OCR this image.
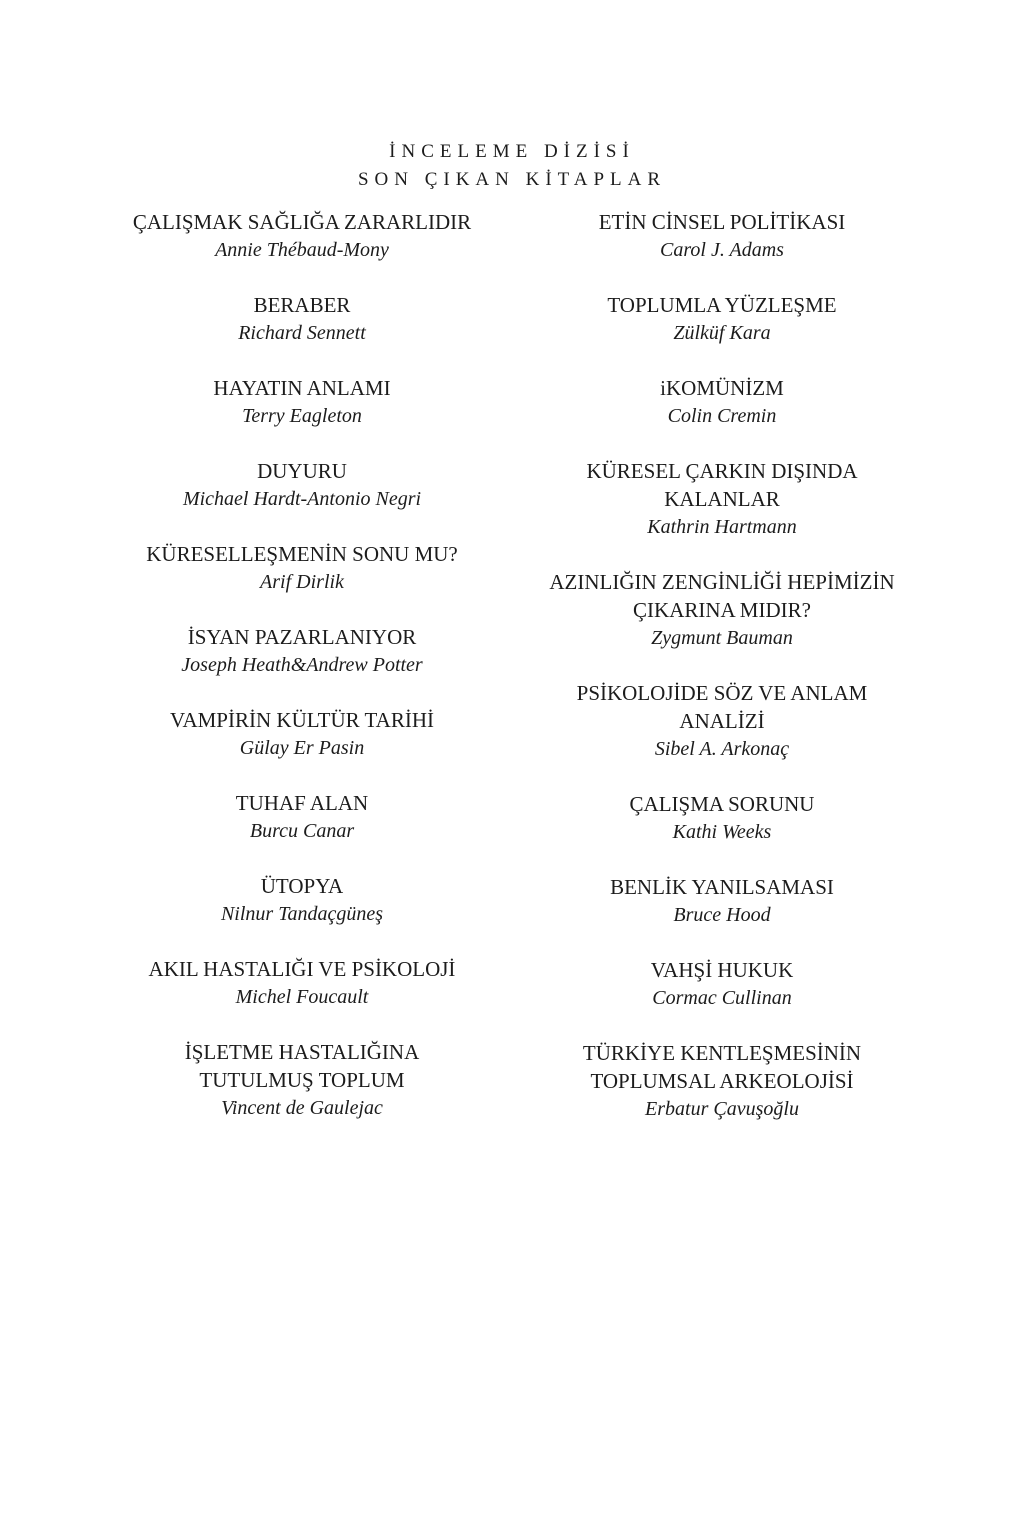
İNCELEME DİZİSİ
SON ÇIKAN KİTAPLAR
ÇALIŞMAK SAĞLIĞA ZARARLIDIR
Annie Thébaud-Mony
BERABER
Richard Sennett
HAYATIN ANLAMI
Terry Eagleton
DUYURU
Michael Hardt-Antonio Negri
KÜRESELLEŞMENİN SONU MU?
Arif Dirlik
İSYAN PAZARLANIYOR
Joseph Heath&Andrew Potter
VAMPİRİN KÜLTÜR TARİHİ
Gülay Er Pasin
TUHAF ALAN
Burcu Canar
ÜTOPYA
Nilnur Tandaçgüneş
AKIL HASTALIĞI VE PSİKOLOJİ
Michel Foucault
İŞLETME HASTALIĞINA
TUTULMUŞ TOPLUM
Vincent de Gaulejac
ETİN CİNSEL POLİTİKASI
Carol J. Adams
TOPLUMLA YÜZLEŞME
Zülküf Kara
iKOMÜNİZM
Colin Cremin
KÜRESEL ÇARKIN DIŞINDA
KALANLAR
Kathrin Hartmann
AZINLIĞIN ZENGİNLİĞİ HEPİMİZİN
ÇIKARINA MIDIR?
Zygmunt Bauman
PSİKOLOJİDE SÖZ VE ANLAM
ANALİZİ
Sibel A. Arkonaç
ÇALIŞMA SORUNU
Kathi Weeks
BENLİK YANILSAMASI
Bruce Hood
VAHŞİ HUKUK
Cormac Cullinan
TÜRKİYE KENTLEŞMESİNİN
TOPLUMSAL ARKEOLOJİSİ
Erbatur Çavuşoğlu
